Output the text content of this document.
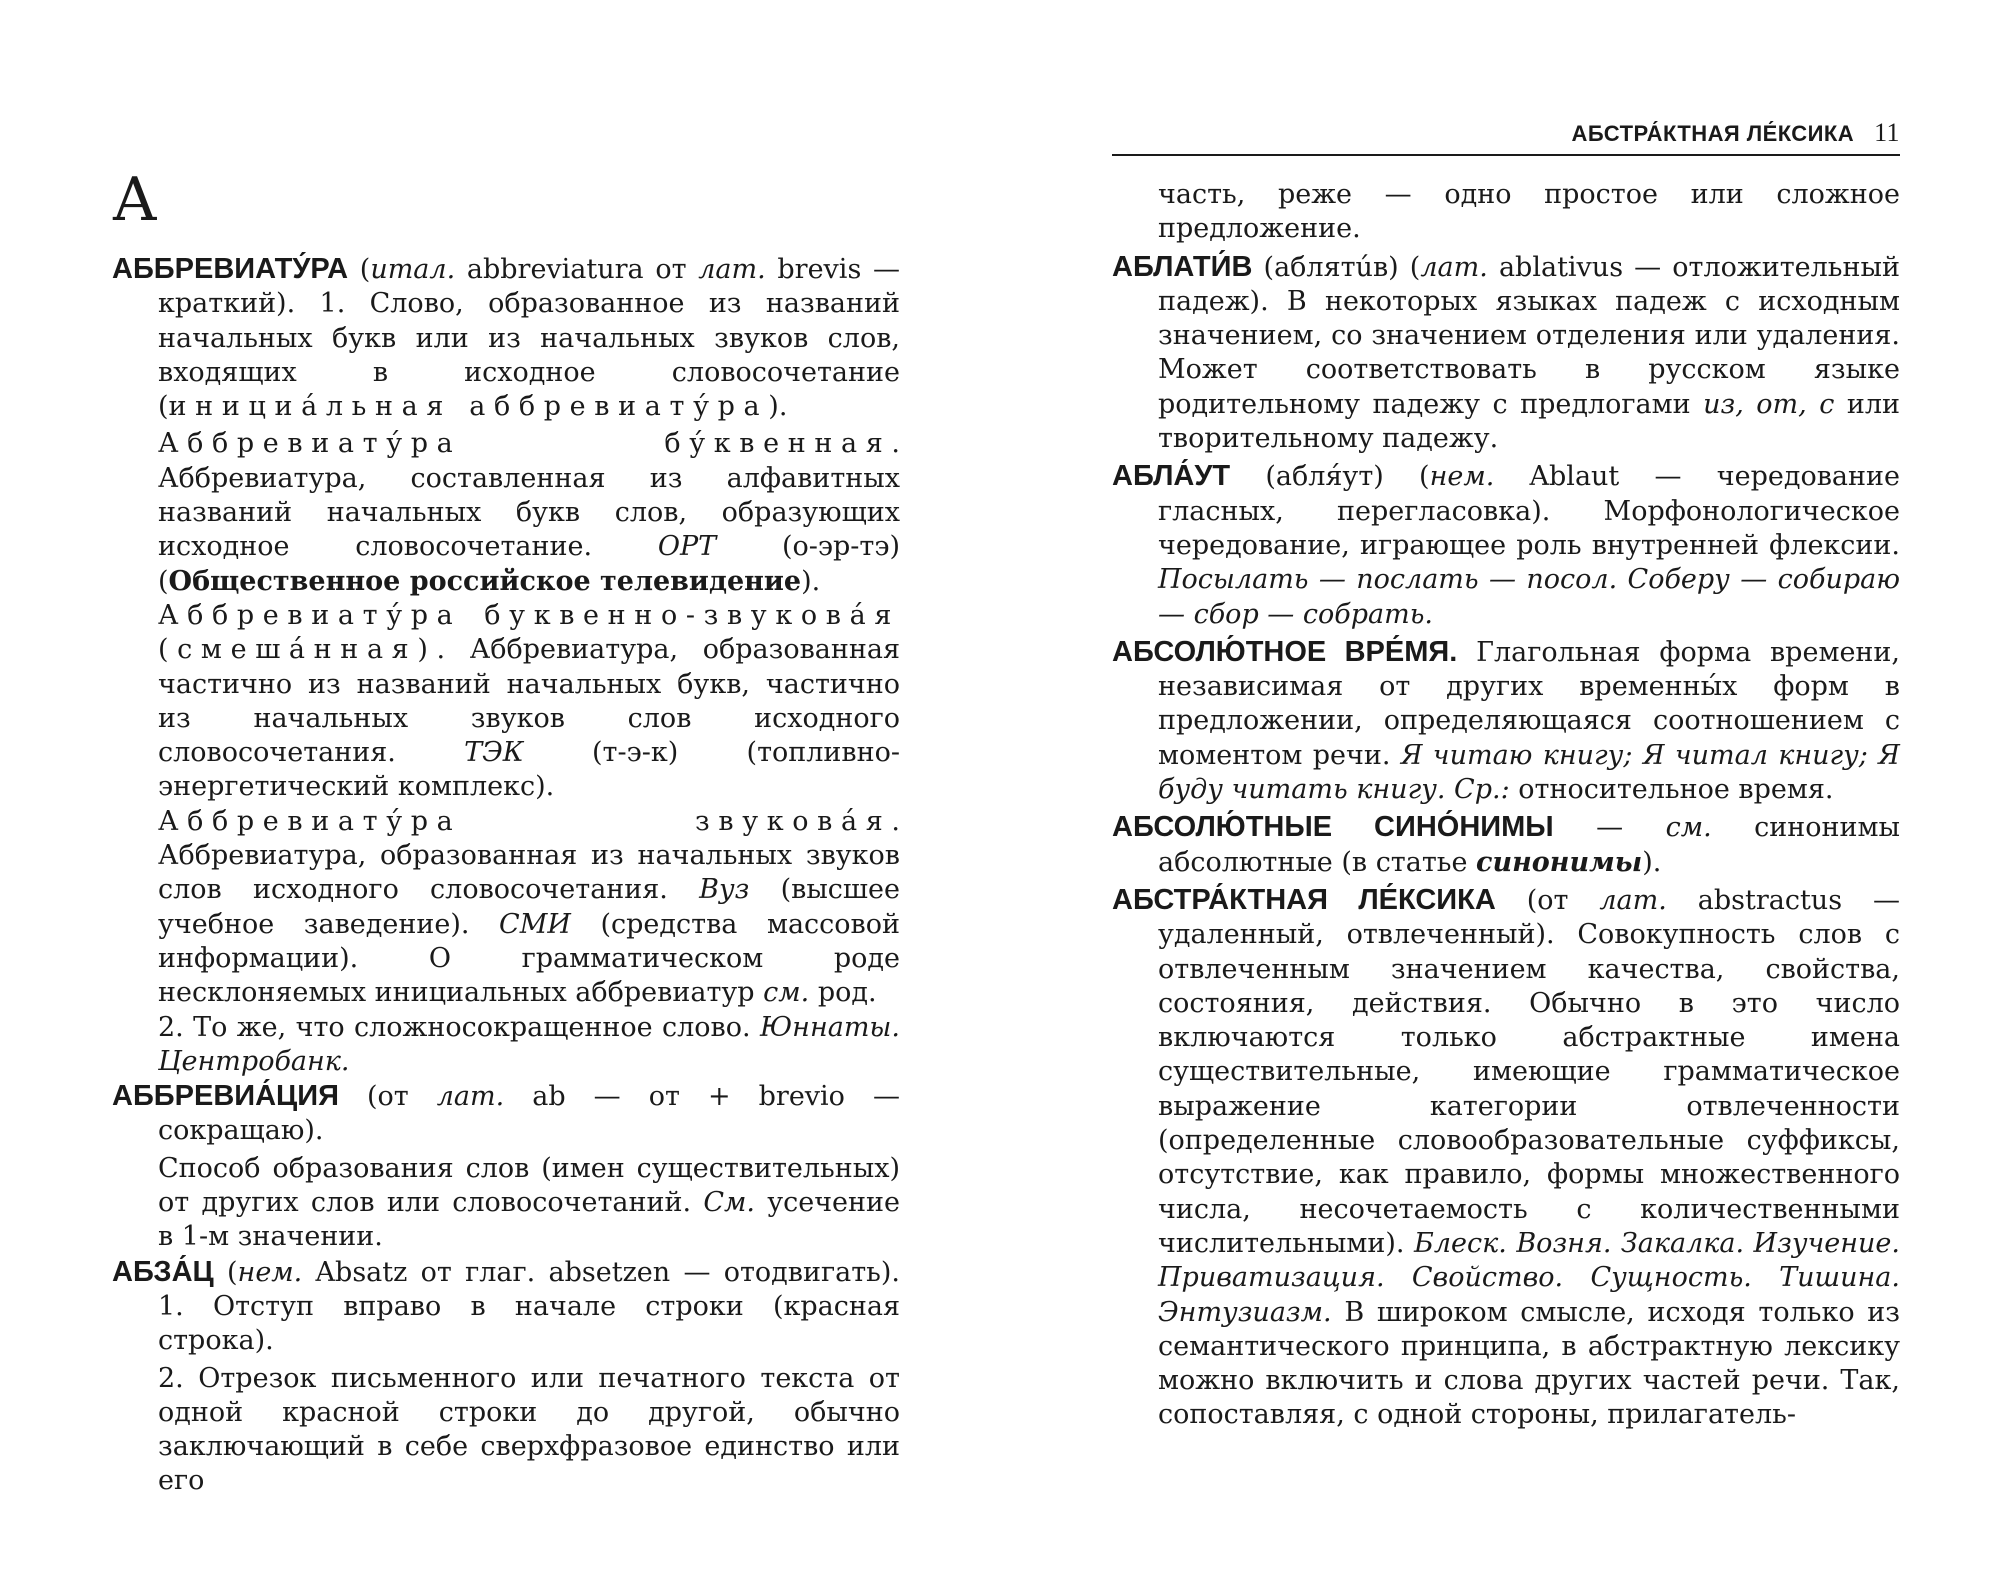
А

АББРЕВИАТУ́РА (итал. abbreviatura от лат. brevis — краткий). 1. Слово, образованное из названий начальных букв или из начальных звуков слов, входящих в исходное словосочетание (инициа́льная аббревиату́ра).

Аббревиату́ра бу́квенная. Аббревиатура, составленная из алфавитных названий начальных букв слов, образующих исходное словосочетание. ОРТ (о-эр-тэ) (Общественное российское телевидение).

Аббревиату́ра буквенно-звукова́я (смеша́нная). Аббревиатура, образованная частично из названий начальных букв, частично из начальных звуков слов исходного словосочетания. ТЭК (т-э-к) (топливно-энергетический комплекс).

Аббревиату́ра звукова́я. Аббревиатура, образованная из начальных звуков слов исходного словосочетания. Вуз (высшее учебное заведение). СМИ (средства массовой информации). О грамматическом роде несклоняемых инициальных аббревиатур см. род.

2. То же, что сложносокращенное слово. Юннаты. Центробанк.

АББРЕВИА́ЦИЯ (от лат. ab — от + brevio — сокращаю).

Способ образования слов (имен существительных) от других слов или словосочетаний. См. усечение в 1-м значении.

АБЗА́Ц (нем. Absatz от глаг. absetzen — отодвигать). 1. Отступ вправо в начале строки (красная строка).

2. Отрезок письменного или печатного текста от одной красной строки до другой, обычно заключающий в себе сверхфразовое единство или его

АБСТРА́КТНАЯ ЛЕ́КСИКА 11

часть, реже — одно простое или сложное предложение.

АБЛАТИ́В (аблятúв) (лат. ablativus — отложительный падеж). В некоторых языках падеж с исходным значением, со значением отделения или удаления. Может соответствовать в русском языке родительному падежу с предлогами из, от, с или творительному падежу.

АБЛА́УТ (абля́ут) (нем. Ablaut — чередование гласных, перегласовка). Морфонологическое чередование, играющее роль внутренней флексии. Посылать — послать — посол. Соберу — собираю — сбор — собрать.

АБСОЛЮ́ТНОЕ ВРЕ́МЯ. Глагольная форма времени, независимая от других временны́х форм в предложении, определяющаяся соотношением с моментом речи. Я читаю книгу; Я читал книгу; Я буду читать книгу. Ср.: относительное время.

АБСОЛЮ́ТНЫЕ СИНО́НИМЫ — см. синонимы абсолютные (в статье синонимы).

АБСТРА́КТНАЯ ЛЕ́КСИКА (от лат. abstractus — удаленный, отвлеченный). Совокупность слов с отвлеченным значением качества, свойства, состояния, действия. Обычно в это число включаются только абстрактные имена существительные, имеющие грамматическое выражение категории отвлеченности (определенные словообразовательные суффиксы, отсутствие, как правило, формы множественного числа, несочетаемость с количественными числительными). Блеск. Возня. Закалка. Изучение. Приватизация. Свойство. Сущность. Тишина. Энтузиазм. В широком смысле, исходя только из семантического принципа, в абстрактную лексику можно включить и слова других частей речи. Так, сопоставляя, с одной стороны, прилагатель-
